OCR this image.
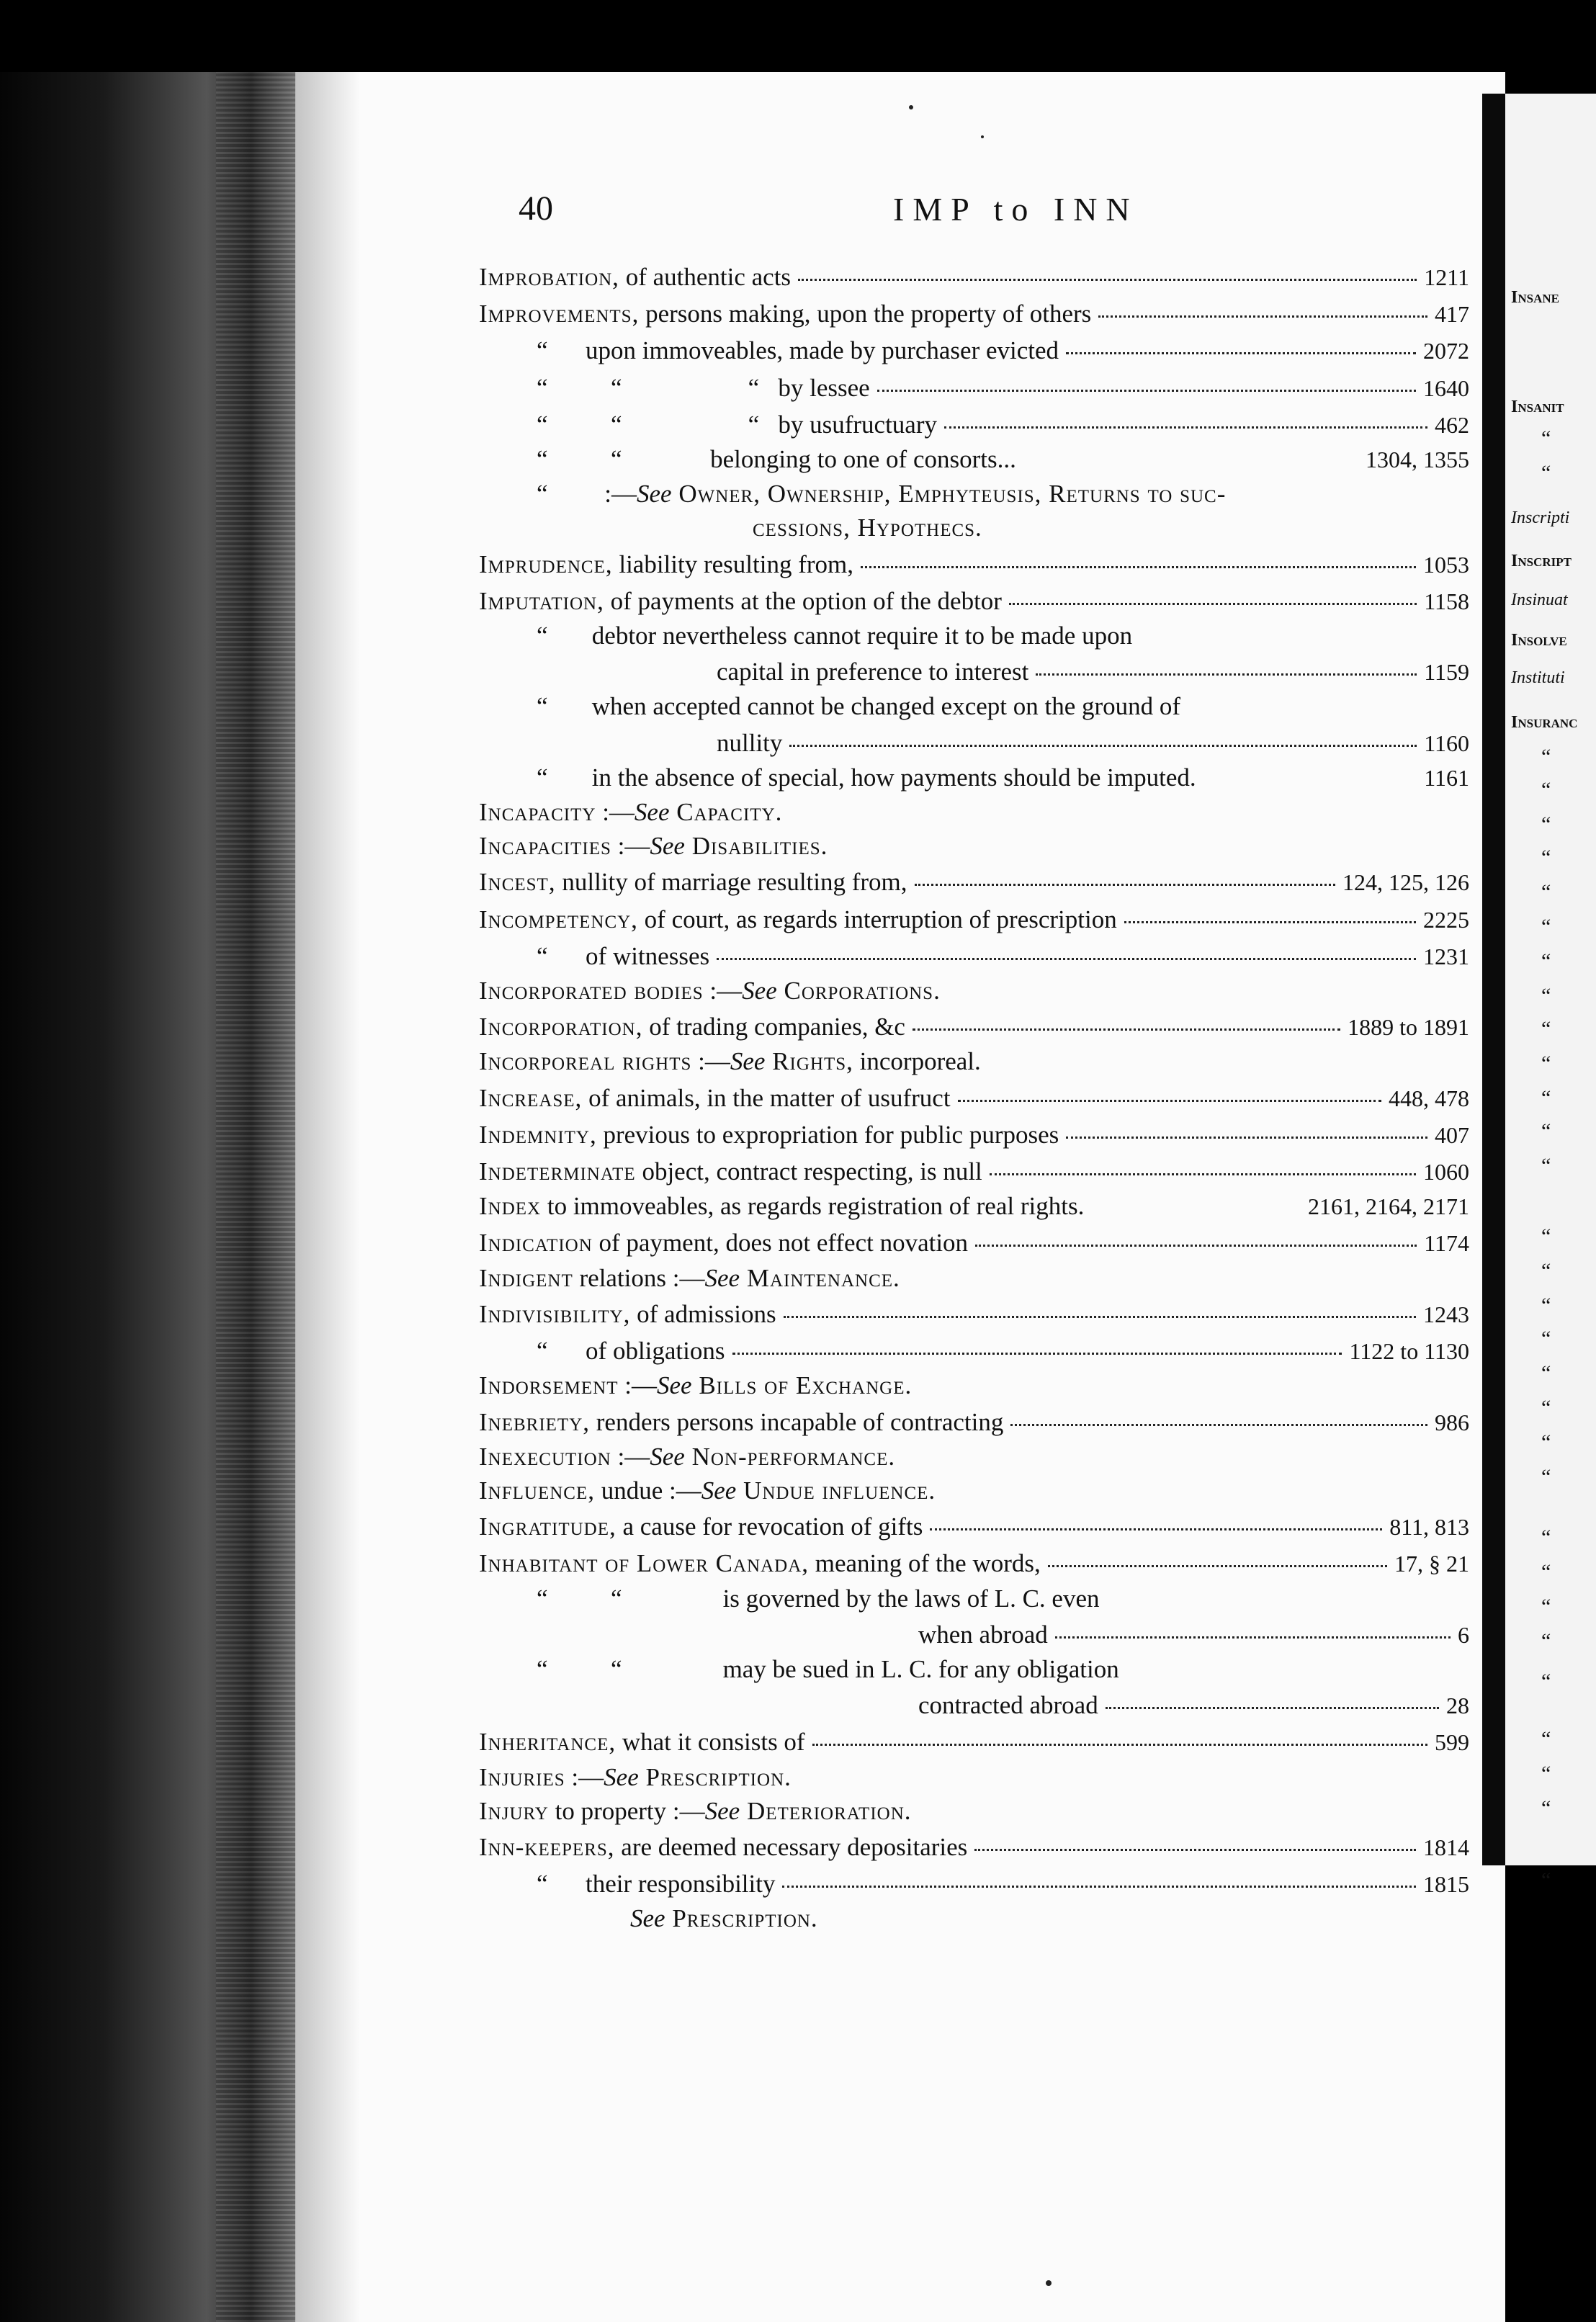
40	IMP to INN
Improbation, of authentic acts	1211
Improvements, persons making, upon the property of others	417
“      upon immoveables, made by purchaser evicted	2072
“          “                    “   by lessee	1640
“          “                    “   by usufructuary	462
“          “              belonging to one of consorts...	1304, 1355
“         :—See Owner, Ownership, Emphyteusis, Returns to suc-
cessions, Hypothecs.
Imprudence, liability resulting from,	1053
Imputation, of payments at the option of the debtor	1158
“       debtor nevertheless cannot require it to be made upon
capital in preference to interest	1159
“       when accepted cannot be changed except on the ground of
nullity	1160
“       in the absence of special, how payments should be imputed.	1161
Incapacity :—See Capacity.
Incapacities :—See Disabilities.
Incest, nullity of marriage resulting from,	124, 125, 126
Incompetency, of court, as regards interruption of prescription	2225
“      of witnesses	1231
Incorporated bodies :—See Corporations.
Incorporation, of trading companies, &c	1889 to 1891
Incorporeal rights :—See Rights, incorporeal.
Increase, of animals, in the matter of usufruct	448, 478
Indemnity, previous to expropriation for public purposes	407
Indeterminate object, contract respecting, is null	1060
Index to immoveables, as regards registration of real rights.	2161, 2164, 2171
Indication of payment, does not effect novation	1174
Indigent relations :—See Maintenance.
Indivisibility, of admissions	1243
“      of obligations	1122 to 1130
Indorsement :—See Bills of Exchange.
Inebriety, renders persons incapable of contracting	986
Inexecution :—See Non-performance.
Influence, undue :—See Undue influence.
Ingratitude, a cause for revocation of gifts	811, 813
Inhabitant of Lower Canada, meaning of the words,	17, § 21
“          “                is governed by the laws of L. C. even
when abroad	6
“          “                may be sued in L. C. for any obligation
contracted abroad	28
Inheritance, what it consists of	599
Injuries :—See Prescription.
Injury to property :—See Deterioration.
Inn-keepers, are deemed necessary depositaries	1814
“      their responsibility	1815
See Prescription.
Insane
Insanit
“
“
Inscripti
Inscript
Insinuat
Insolve
Instituti
Insuranc
“
“
“
“
“
“
“
“
“
“
“
“
“
“
“
“
“
“
“
“
“
“
“
“
“
“
“
“
“
“
